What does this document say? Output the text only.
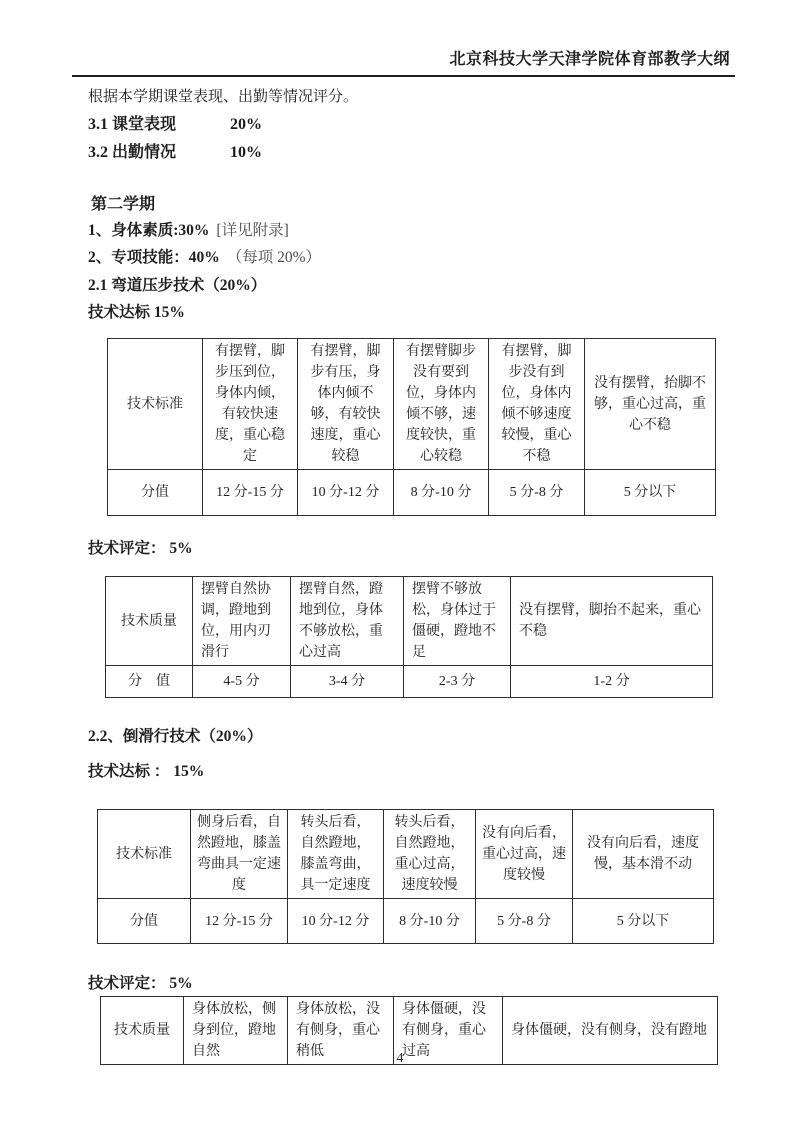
北京科技大学天津学院体育部教学大纲
根据本学期课堂表现、出勤等情况评分。
3.1 课堂表现	20%
3.2 出勤情况	10%
第二学期
1、身体素质:30% [详见附录]
2、专项技能：40% （每项 20%）
2.1 弯道压步技术（20%）
技术达标 15%
技术标准	有摆臂，脚步压到位，身体内倾，有较快速度，重心稳定	有摆臂，脚步有压，身体内倾不够，有较快速度，重心较稳	有摆臂脚步没有要到位，身体内倾不够，速度较快，重心较稳	有摆臂，脚步没有到位，身体内倾不够速度较慢，重心不稳	没有摆臂，抬脚不够，重心过高，重心不稳
分值	12 分-15 分	10 分-12 分	8 分-10 分	5 分-8 分	5 分以下
技术评定： 5%
技术质量	摆臂自然协调，蹬地到位，用内刃滑行	摆臂自然，蹬地到位，身体不够放松，重心过高	摆臂不够放松，身体过于僵硬，蹬地不足	没有摆臂，脚抬不起来，重心不稳
分　值	4-5 分	3-4 分	2-3 分	1-2 分
2.2、倒滑行技术（20%）
技术达标 ： 15%
技术标准	侧身后看，自然蹬地，膝盖弯曲具一定速度	转头后看，自然蹬地，膝盖弯曲，具一定速度	转头后看，自然蹬地，重心过高，速度较慢	没有向后看，重心过高，速度较慢	没有向后看，速度慢，基本滑不动
分值	12 分-15 分	10 分-12 分	8 分-10 分	5 分-8 分	5 分以下
技术评定： 5%
技术质量	身体放松，侧身到位，蹬地自然	身体放松，没有侧身，重心稍低	身体僵硬，没有侧身，重心过高	身体僵硬，没有侧身，没有蹬地
4
